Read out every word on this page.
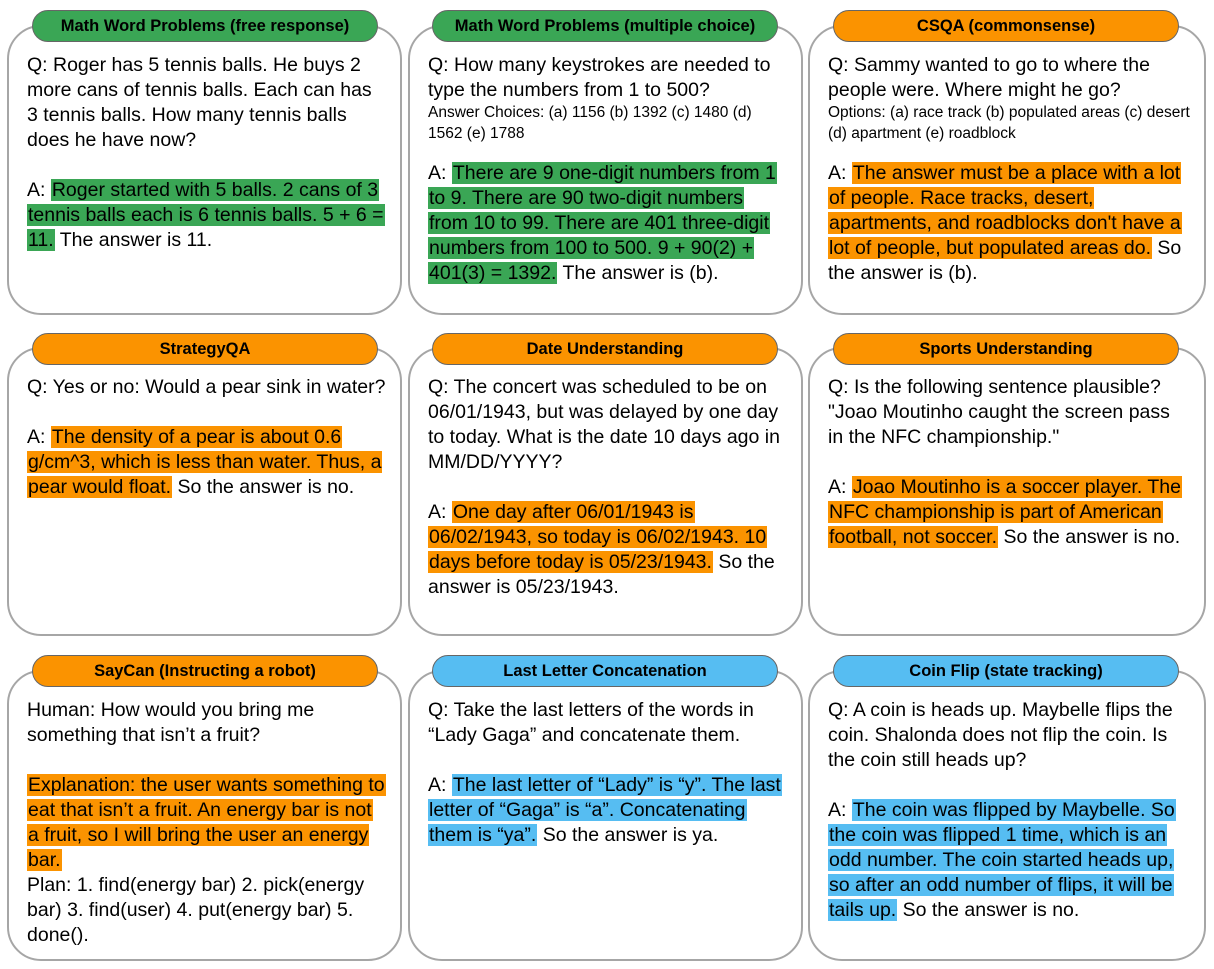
Q: Roger has 5 tennis balls. He buys 2 more cans of tennis balls. Each can has 3 tennis balls. How many tennis balls does he have now?

A: Roger started with 5 balls. 2 cans of 3 tennis balls each is 6 tennis balls. 5 + 6 = 11. The answer is 11.

Math Word Problems (free response)

Q: How many keystrokes are needed to type the numbers from 1 to 500?

Answer Choices: (a) 1156 (b) 1392 (c) 1480 (d) 1562 (e) 1788

A: There are 9 one-digit numbers from 1 to 9. There are 90 two-digit numbers from 10 to 99. There are 401 three-digit numbers from 100 to 500. 9 + 90(2) + 401(3) = 1392. The answer is (b).

Math Word Problems (multiple choice)

Q: Sammy wanted to go to where the people were. Where might he go?

Options: (a) race track (b) populated areas (c) desert (d) apartment (e) roadblock

A: The answer must be a place with a lot of people. Race tracks, desert, apartments, and roadblocks don't have a lot of people, but populated areas do. So the answer is (b).

CSQA (commonsense)

Q: Yes or no: Would a pear sink in water?

A: The density of a pear is about 0.6 g/cm^3, which is less than water. Thus, a pear would float. So the answer is no.

StrategyQA

Q: The concert was scheduled to be on 06/01/1943, but was delayed by one day to today. What is the date 10 days ago in MM/DD/YYYY?

A: One day after 06/01/1943 is 06/02/1943, so today is 06/02/1943. 10 days before today is 05/23/1943. So the answer is 05/23/1943.

Date Understanding

Q: Is the following sentence plausible? "Joao Moutinho caught the screen pass in the NFC championship."

A: Joao Moutinho is a soccer player. The NFC championship is part of American football, not soccer. So the answer is no.

Sports Understanding

Human: How would you bring me something that isn’t a fruit?

Explanation: the user wants something to eat that isn’t a fruit. An energy bar is not a fruit, so I will bring the user an energy bar.

Plan: 1. find(energy bar) 2. pick(energy bar) 3. find(user) 4. put(energy bar) 5. done().

SayCan (Instructing a robot)

Q: Take the last letters of the words in “Lady Gaga” and concatenate them.

A: The last letter of “Lady” is “y”. The last letter of “Gaga” is “a”. Concatenating them is “ya”. So the answer is ya.

Last Letter Concatenation

Q: A coin is heads up. Maybelle flips the coin. Shalonda does not flip the coin. Is the coin still heads up?

A: The coin was flipped by Maybelle. So the coin was flipped 1 time, which is an odd number. The coin started heads up, so after an odd number of flips, it will be tails up. So the answer is no.

Coin Flip (state tracking)
